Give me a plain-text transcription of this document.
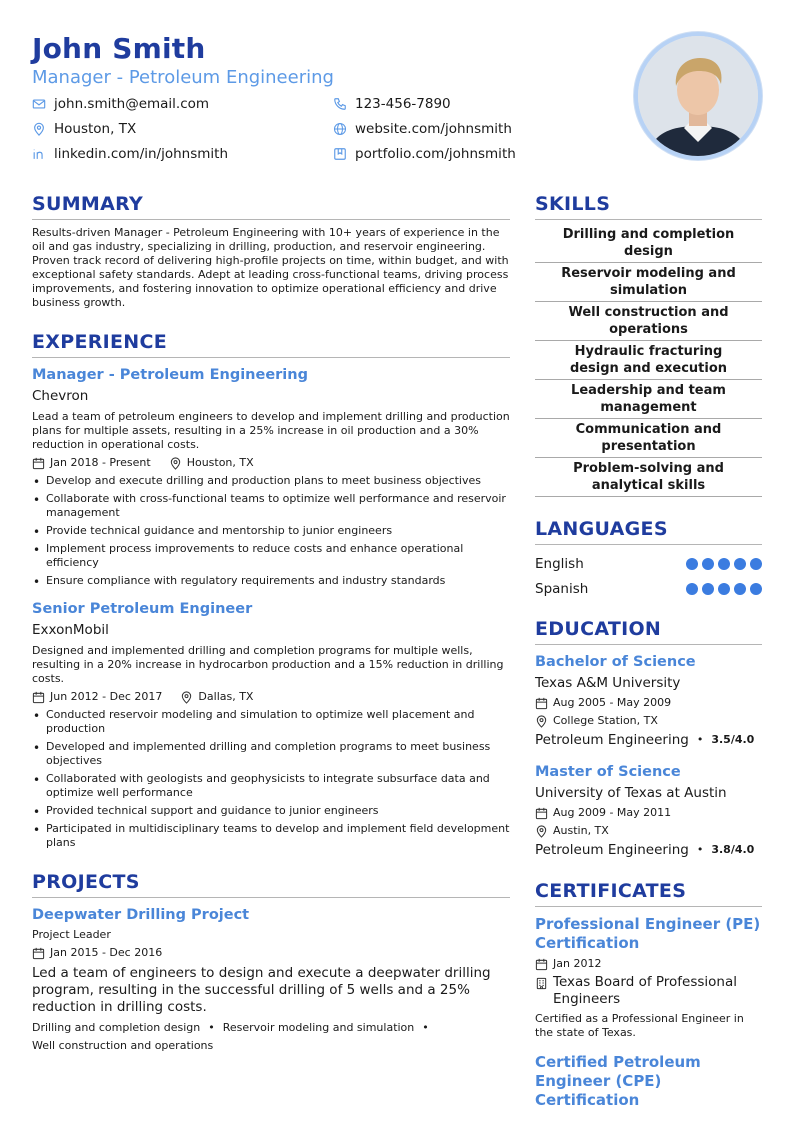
John Smith
Manager - Petroleum Engineering
john.smith@email.com	123-456-7890
Houston, TX	website.com/johnsmith
linkedin.com/in/johnsmith	portfolio.com/johnsmith
SUMMARY
Results-driven Manager - Petroleum Engineering with 10+ years of experience in the oil and gas industry, specializing in drilling, production, and reservoir engineering. Proven track record of delivering high-profile projects on time, within budget, and with exceptional safety standards. Adept at leading cross-functional teams, driving process improvements, and fostering innovation to optimize operational efficiency and drive business growth.
EXPERIENCE
Manager - Petroleum Engineering
Chevron
Lead a team of petroleum engineers to develop and implement drilling and production plans for multiple assets, resulting in a 25% increase in oil production and a 30% reduction in operational costs.
Jan 2018 - Present	Houston, TX
• Develop and execute drilling and production plans to meet business objectives
• Collaborate with cross-functional teams to optimize well performance and reservoir management
• Provide technical guidance and mentorship to junior engineers
• Implement process improvements to reduce costs and enhance operational efficiency
• Ensure compliance with regulatory requirements and industry standards
Senior Petroleum Engineer
ExxonMobil
Designed and implemented drilling and completion programs for multiple wells, resulting in a 20% increase in hydrocarbon production and a 15% reduction in drilling costs.
Jun 2012 - Dec 2017	Dallas, TX
• Conducted reservoir modeling and simulation to optimize well placement and production
• Developed and implemented drilling and completion programs to meet business objectives
• Collaborated with geologists and geophysicists to integrate subsurface data and optimize well performance
• Provided technical support and guidance to junior engineers
• Participated in multidisciplinary teams to develop and implement field development plans
PROJECTS
Deepwater Drilling Project
Project Leader
Jan 2015 - Dec 2016
Led a team of engineers to design and execute a deepwater drilling program, resulting in the successful drilling of 5 wells and a 25% reduction in drilling costs.
Drilling and completion design • Reservoir modeling and simulation •
Well construction and operations
SKILLS
Drilling and completion design
Reservoir modeling and simulation
Well construction and operations
Hydraulic fracturing design and execution
Leadership and team management
Communication and presentation
Problem-solving and analytical skills
LANGUAGES
English
Spanish
EDUCATION
Bachelor of Science
Texas A&M University
Aug 2005 - May 2009
College Station, TX
Petroleum Engineering • 3.5/4.0
Master of Science
University of Texas at Austin
Aug 2009 - May 2011
Austin, TX
Petroleum Engineering • 3.8/4.0
CERTIFICATES
Professional Engineer (PE) Certification
Jan 2012
Texas Board of Professional Engineers
Certified as a Professional Engineer in the state of Texas.
Certified Petroleum Engineer (CPE) Certification
